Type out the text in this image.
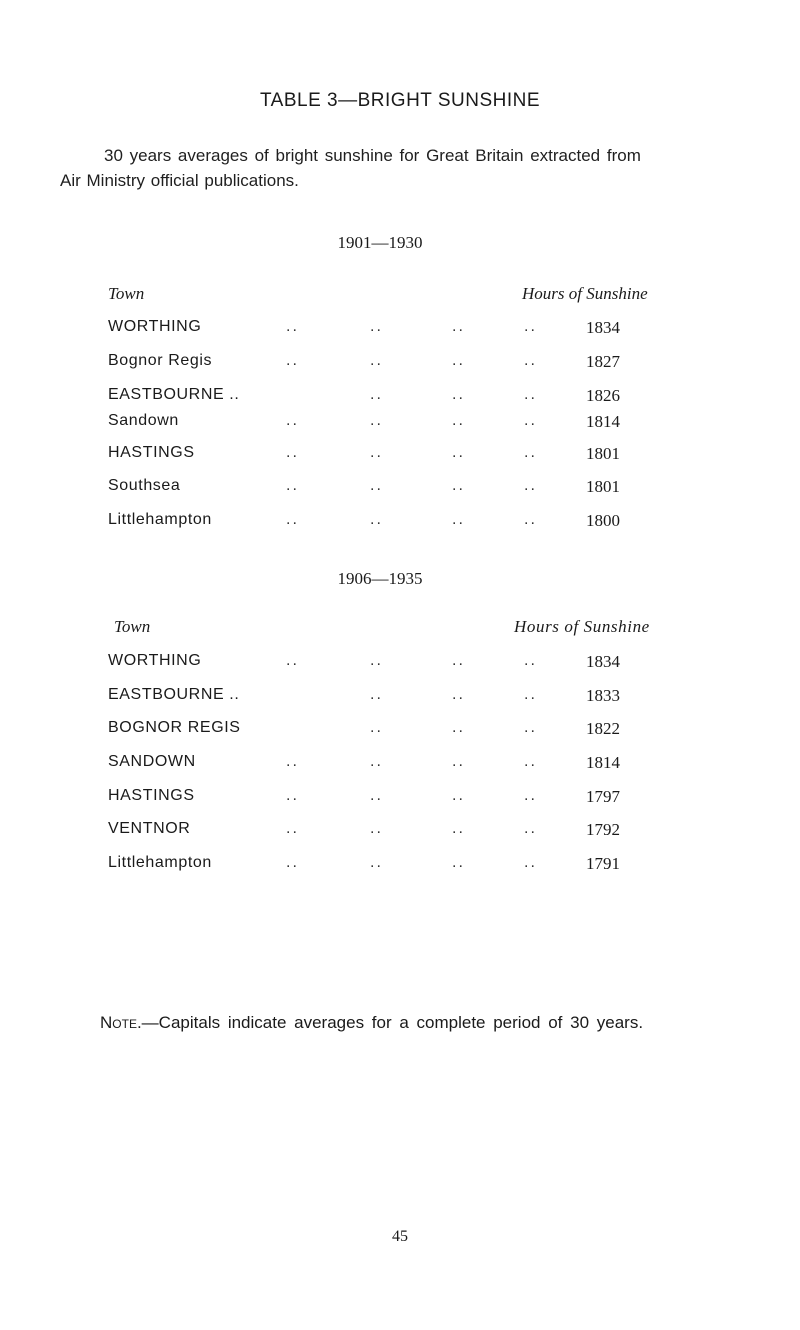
TABLE 3—BRIGHT SUNSHINE
30 years averages of bright sunshine for Great Britain extracted from
Air Ministry official publications.
1901—1930
Town	Hours of Sunshine
WORTHING	..	..	..	..	1834
Bognor Regis	..	..	..	..	1827
EASTBOURNE ..	..	..	..	1826
Sandown	..	..	..	..	1814
HASTINGS	..	..	..	..	1801
Southsea	..	..	..	..	1801
Littlehampton	..	..	..	..	1800
1906—1935
Town	Hours of Sunshine
WORTHING	..	..	..	..	1834
EASTBOURNE ..	..	..	..	1833
BOGNOR REGIS	..	..	..	1822
SANDOWN	..	..	..	..	1814
HASTINGS	..	..	..	..	1797
VENTNOR	..	..	..	..	1792
Littlehampton	..	..	..	..	1791
Note.—Capitals indicate averages for a complete period of 30 years.
45
